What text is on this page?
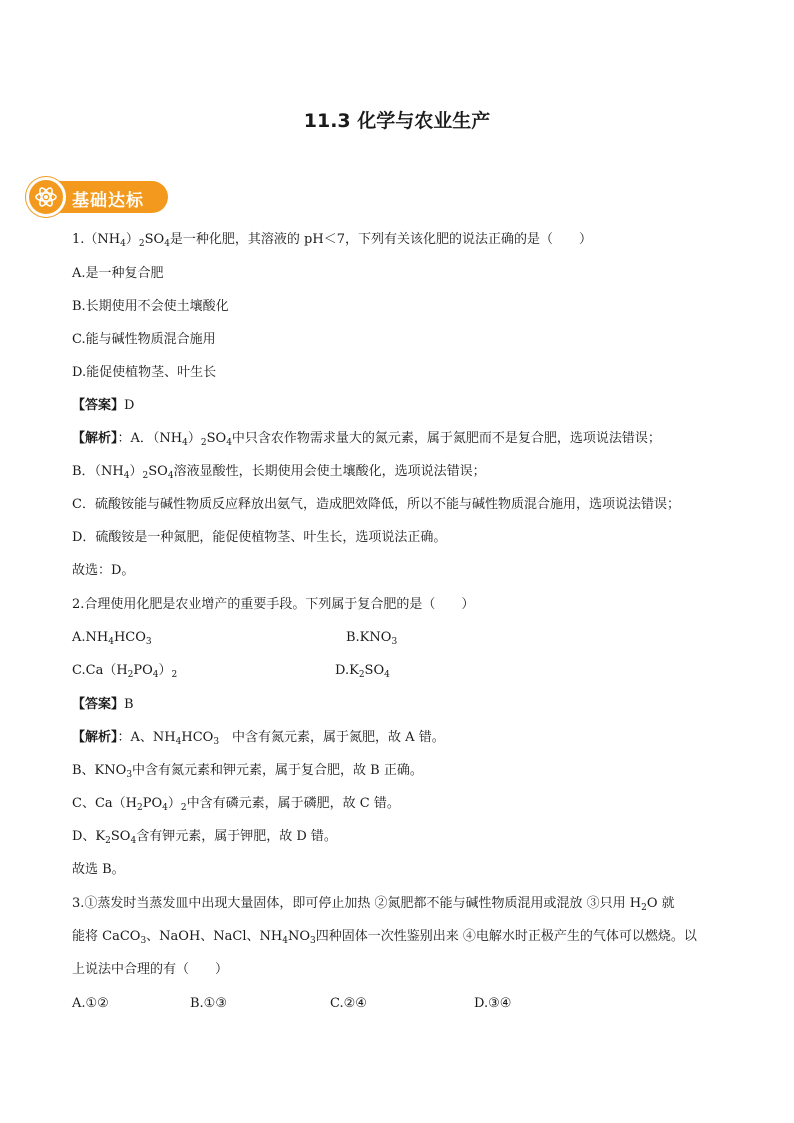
11.3 化学与农业生产
基础达标
$1.(NH_4)_2SO_4$是一种化肥，其溶液的 pH＜7，下列有关该化肥的说法正确的是（　　）
A.是一种复合肥
B.长期使用不会使土壤酸化
C.能与碱性物质混合施用
D.能促使植物茎、叶生长
【答案】D
【解析】：A．$(NH_4)_2SO_4$中只含农作物需求量大的氮元素，属于氮肥而不是复合肥，选项说法错误；
B．$(NH_4)_2SO_4$溶液显酸性，长期使用会使土壤酸化，选项说法错误；
C．硫酸铵能与碱性物质反应释放出氨气，造成肥效降低，所以不能与碱性物质混合施用，选项说法错误；
D．硫酸铵是一种氮肥，能促使植物茎、叶生长，选项说法正确。
故选：D。
2.合理使用化肥是农业增产的重要手段。下列属于复合肥的是（　　）
$A.NH_4HCO_3$	$B.KNO_3$
$C.Ca(H_2PO_4)_2$	$D.K_2SO_4$
【答案】B
【解析】：A、$NH_4HCO_3$　中含有氮元素，属于氮肥，故 A 错。
B、$KNO_3$中含有氮元素和钾元素，属于复合肥，故 B 正确。
C、$Ca(H_2PO_4)_2$中含有磷元素，属于磷肥，故 C 错。
D、$K_2SO_4$含有钾元素，属于钾肥，故 D 错。
故选 B。
3.①蒸发时当蒸发皿中出现大量固体，即可停止加热 ②氮肥都不能与碱性物质混用或混放 ③只用 $H_2O$ 就
能将 CaCO$_3$、NaOH、NaCl、$NH_4NO_3$四种固体一次性鉴别出来 ④电解水时正极产生的气体可以燃烧。以
上说法中合理的有（　　）
A.①②	B.①③	C.②④	D.③④
